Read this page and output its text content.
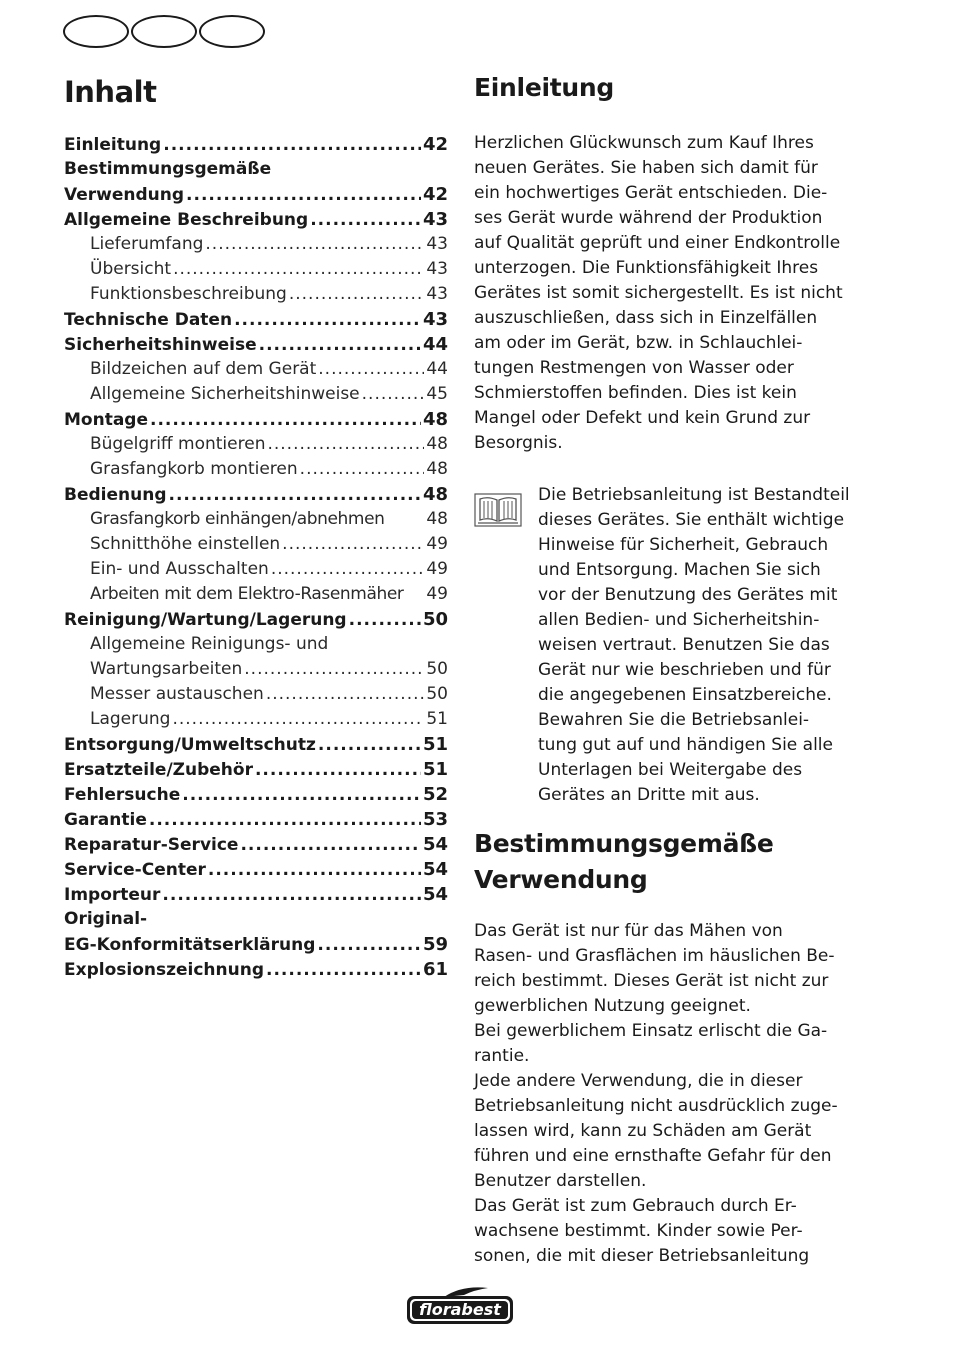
Inhalt
Einleitung .....	42
Bestimmungsgemäße
Verwendung .....	42
Allgemeine Beschreibung .....	43
Lieferumfang .....	43
Übersicht .....	43
Funktionsbeschreibung .....	43
Technische Daten .....	43
Sicherheitshinweise .....	44
Bildzeichen auf dem Gerät .....	44
Allgemeine Sicherheitshinweise .....	45
Montage .....	48
Bügelgriff montieren .....	48
Grasfangkorb montieren .....	48
Bedienung .....	48
Grasfangkorb einhängen/abnehmen 48
Schnitthöhe einstellen .....	49
Ein- und Ausschalten .....	49
Arbeiten mit dem Elektro-Rasenmäher 49
Reinigung/Wartung/Lagerung .....	50
Allgemeine Reinigungs- und
Wartungsarbeiten .....	50
Messer austauschen .....	50
Lagerung .....	51
Entsorgung/Umweltschutz .....	51
Ersatzteile/Zubehör .....	51
Fehlersuche .....	52
Garantie .....	53
Reparatur-Service .....	54
Service-Center .....	54
Importeur .....	54
Original-
EG-Konformitätserklärung .....	59
Explosionszeichnung .....	61
Einleitung

Herzlichen Glückwunsch zum Kauf Ihres

neuen Gerätes. Sie haben sich damit für

ein hochwertiges Gerät entschieden. Die-

ses Gerät wurde während der Produktion

auf Qualität geprüft und einer Endkontrolle

unterzogen. Die Funktionsfähigkeit Ihres

Gerätes ist somit sichergestellt. Es ist nicht

auszuschließen, dass sich in Einzelfällen

am oder im Gerät, bzw. in Schlauchlei-

tungen Restmengen von Wasser oder

Schmierstoffen befinden. Dies ist kein

Mangel oder Defekt und kein Grund zur

Besorgnis.

Die Betriebsanleitung ist Bestandteil

dieses Gerätes. Sie enthält wichtige

Hinweise für Sicherheit, Gebrauch

und Entsorgung. Machen Sie sich

vor der Benutzung des Gerätes mit

allen Bedien- und Sicherheitshin-

weisen vertraut. Benutzen Sie das

Gerät nur wie beschrieben und für

die angegebenen Einsatzbereiche.

Bewahren Sie die Betriebsanlei-

tung gut auf und händigen Sie alle

Unterlagen bei Weitergabe des

Gerätes an Dritte mit aus.

Bestimmungsgemäße
Verwendung

Das Gerät ist nur für das Mähen von

Rasen- und Grasflächen im häuslichen Be-

reich bestimmt. Dieses Gerät ist nicht zur

gewerblichen Nutzung geeignet.

Bei gewerblichem Einsatz erlischt die Ga-

rantie.

Jede andere Verwendung, die in dieser

Betriebsanleitung nicht ausdrücklich zuge-

lassen wird, kann zu Schäden am Gerät

führen und eine ernsthafte Gefahr für den

Benutzer darstellen.

Das Gerät ist zum Gebrauch durch Er-

wachsene bestimmt. Kinder sowie Per-

sonen, die mit dieser Betriebsanleitung

florabest
